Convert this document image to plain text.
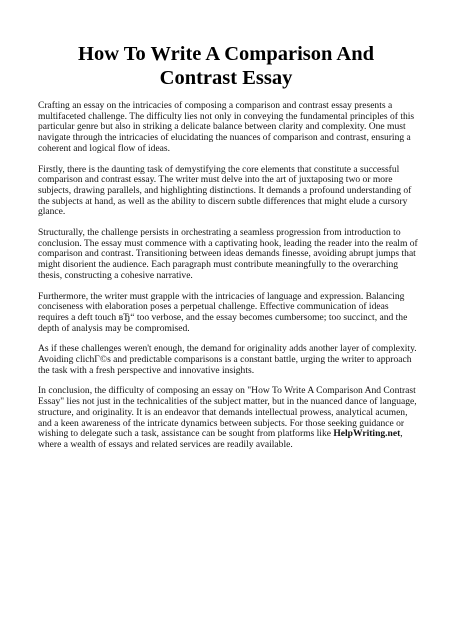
How To Write A Comparison And Contrast Essay

Crafting an essay on the intricacies of composing a comparison and contrast essay presents a multifaceted challenge. The difficulty lies not only in conveying the fundamental principles of this particular genre but also in striking a delicate balance between clarity and complexity. One must navigate through the intricacies of elucidating the nuances of comparison and contrast, ensuring a coherent and logical flow of ideas.

Firstly, there is the daunting task of demystifying the core elements that constitute a successful comparison and contrast essay. The writer must delve into the art of juxtaposing two or more subjects, drawing parallels, and highlighting distinctions. It demands a profound understanding of the subjects at hand, as well as the ability to discern subtle differences that might elude a cursory glance.

Structurally, the challenge persists in orchestrating a seamless progression from introduction to conclusion. The essay must commence with a captivating hook, leading the reader into the realm of comparison and contrast. Transitioning between ideas demands finesse, avoiding abrupt jumps that might disorient the audience. Each paragraph must contribute meaningfully to the overarching thesis, constructing a cohesive narrative.

Furthermore, the writer must grapple with the intricacies of language and expression. Balancing conciseness with elaboration poses a perpetual challenge. Effective communication of ideas requires a deft touch вЂ“ too verbose, and the essay becomes cumbersome; too succinct, and the depth of analysis may be compromised.

As if these challenges weren't enough, the demand for originality adds another layer of complexity. Avoiding clichГ©s and predictable comparisons is a constant battle, urging the writer to approach the task with a fresh perspective and innovative insights.

In conclusion, the difficulty of composing an essay on "How To Write A Comparison And Contrast Essay" lies not just in the technicalities of the subject matter, but in the nuanced dance of language, structure, and originality. It is an endeavor that demands intellectual prowess, analytical acumen, and a keen awareness of the intricate dynamics between subjects. For those seeking guidance or wishing to delegate such a task, assistance can be sought from platforms like HelpWriting.net, where a wealth of essays and related services are readily available.
